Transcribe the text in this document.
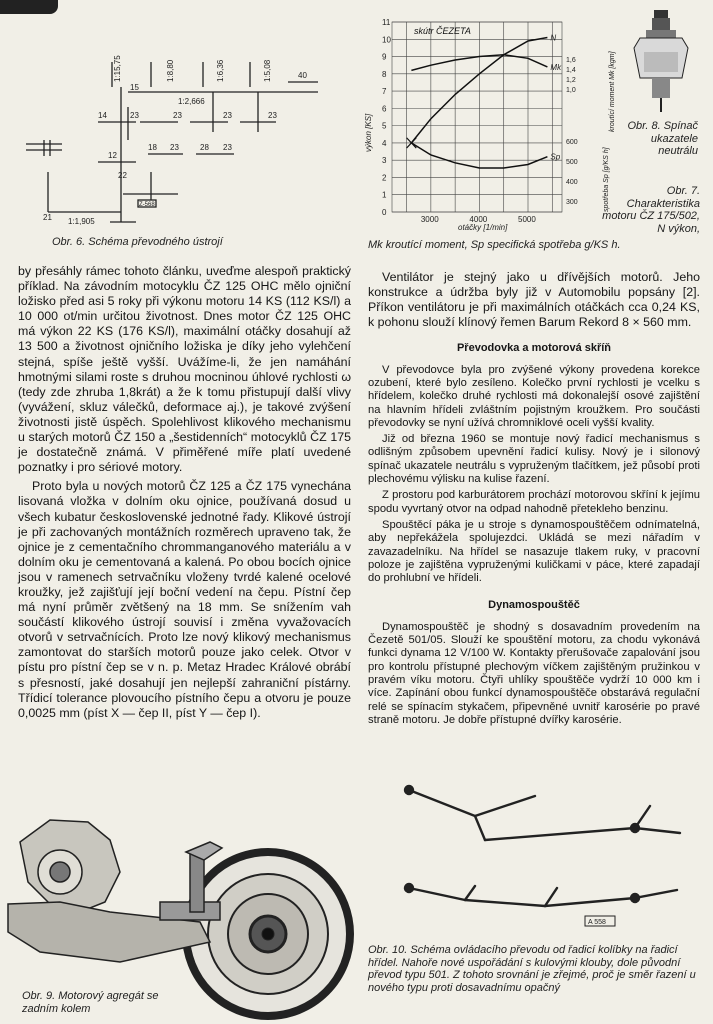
1:15,75	1:8,80	1:6,36	1:5,08
1:2,666
15
40
21 1:1,905
14	23	23	23	23
12
18 23	28 23
22
Z-568
Obr. 6. Schéma převodného ústrojí
0
1
2
3
4
5
6
7
8
9
10
11
3000	4000	5000
1,6
1,4
1,2
1,0
600
500
400
300
N
Mk
Sp
skútr ČEZETA
otáčky [1/min]
výkon [KS]
kroutící moment Mk [kgm]
spotřeba Sp [g/KS h]
Obr. 8. Spínač ukazatele neutrálu
Obr. 7. Charakteristika motoru ČZ 175/502, N výkon,
Mk kroutící moment, Sp specifická spotřeba g/KS h.

by přesáhly rámec tohoto článku, uveďme alespoň praktický příklad. Na závodním motocyklu ČZ 125 OHC mělo ojniční ložisko před asi 5 roky při výkonu motoru 14 KS (112 KS/l) a 10 000 ot/min určitou životnost. Dnes motor ČZ 125 OHC má výkon 22 KS (176 KS/l), maximální otáčky dosahují až 13 500 a životnost ojničního ložiska je díky jeho vylehčení stejná, spíše ještě vyšší. Uvážíme-li, že jen namáhání hmotnými silami roste s druhou mocninou úhlové rychlosti ω (tedy zde zhruba 1,8krát) a že k tomu přistupují další vlivy (vyvážení, skluz válečků, deformace aj.), je takové zvýšení životnosti jistě úspěch. Spolehlivost klikového mechanismu u starých motorů ČZ 150 a „šestidenních“ motocyklů ČZ 175 je dostatečně známá. V přiměřené míře platí uvedené poznatky i pro sériové motory.

Proto byla u nových motorů ČZ 125 a ČZ 175 vynechána lisovaná vložka v dolním oku ojnice, používaná dosud u všech kubatur československé jednotné řady. Klikové ústrojí je při zachovaných montážních rozměrech upraveno tak, že ojnice je z cementačního chrommanganového materiálu a v dolním oku je cementovaná a kalená. Po obou bocích ojnice jsou v ramenech setrvačníku vloženy tvrdé kalené ocelové kroužky, jež zajišťují její boční vedení na čepu. Pístní čep má nyní průměr zvětšený na 18 mm. Se snížením vah součástí klikového ústrojí souvisí i změna vyvažovacích otvorů v setrvačnících. Proto lze nový klikový mechanismus zamontovat do starších motorů pouze jako celek. Otvor v pístu pro pístní čep se v n. p. Metaz Hradec Králové obrábí s přesností, jaké dosahují jen nejlepší zahraniční pístárny. Třídicí tolerance plovoucího pístního čepu a otvoru je pouze 0,0025 mm (píst X — čep II, píst Y — čep I).

Ventilátor je stejný jako u dřívějších motorů. Jeho konstrukce a údržba byly již v Automobilu popsány [2]. Příkon ventilátoru je při maximálních otáčkách cca 0,24 KS, k pohonu slouží klínový řemen Barum Rekord 8 × 560 mm.

Převodovka a motorová skříň

V převodovce byla pro zvýšené výkony provedena korekce ozubení, které bylo zesíleno. Kolečko první rychlosti je vcelku s hřídelem, kolečko druhé rychlosti má dokonalejší osové zajištění na hlavním hřídeli zvláštním pojistným kroužkem. Pro součásti převodovky se nyní užívá chromniklové oceli vyšší kvality.

Již od března 1960 se montuje nový řadicí mechanismus s odlišným způsobem upevnění řadicí kulisy. Nový je i silonový spínač ukazatele neutrálu s vypruženým tlačítkem, jež působí proti plechovému výlisku na kulise řazení.

Z prostoru pod karburátorem prochází motorovou skříní k jejímu spodu vyvrtaný otvor na odpad nahodně přetekleho benzinu.

Spouštěcí páka je u stroje s dynamospouštěčem odnímatelná, aby nepřekážela spolujezdci. Ukládá se mezi nářadím v zavazadelníku. Na hřídel se nasazuje tlakem ruky, v pracovní poloze je zajištěna vypruženými kuličkami v páce, které zapadají do prohlubní ve hřídeli.

Dynamospouštěč

Dynamospouštěč je shodný s dosavadním provedením na Čezetě 501/05. Slouží ke spouštění motoru, za chodu vykonává funkci dynama 12 V/100 W. Kontakty přerušovače zapalování jsou pro kontrolu přístupné plechovým víčkem zajištěným pružinkou v pravém víku motoru. Čtyři uhlíky spouštěče vydrží 10 000 km i více. Zapínání obou funkcí dynamospouštěče obstarává regulační relé se spínacím stykačem, připevněné uvnitř karosérie po pravé straně motoru. Je dobře přístupné dvířky karosérie.

A 558
Obr. 10. Schéma ovládacího převodu od řadicí kolíbky na řadicí hřídel. Nahoře nové uspořádání s kulovými klouby, dole původní převod typu 501. Z tohoto srovnání je zřejmé, proč je směr řazení u nového typu proti dosavadnímu opačný
Obr. 9. Motorový agregát se zadním kolem
